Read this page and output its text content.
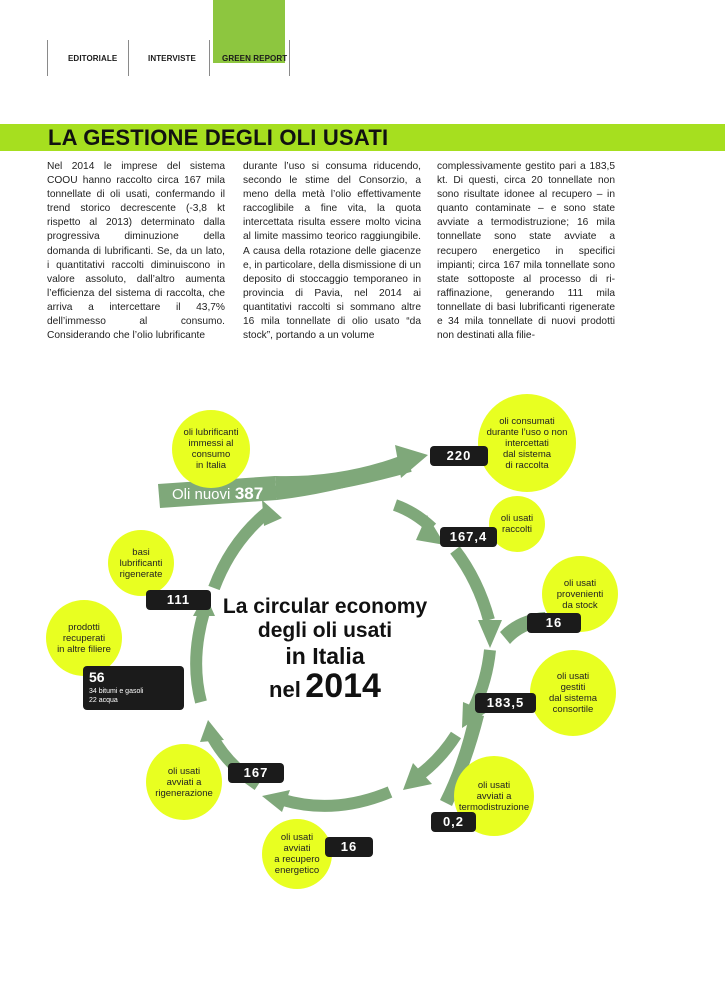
EDITORIALE	INTERVISTE	GREEN REPORT
LA GESTIONE DEGLI OLI USATI

Nel 2014 le imprese del sistema COOU hanno raccolto circa 167 mila tonnellate di oli usati, confermando il trend storico decrescente (-3,8 kt rispetto al 2013) determinato dalla progressiva diminuzione della domanda di lubrificanti. Se, da un lato, i quantitativi raccolti diminuiscono in valore assoluto, dall’altro aumenta l’efficienza del sistema di raccolta, che arriva a intercettare il 43,7% dell’immesso al consumo. Considerando che l’olio lubrificante

durante l’uso si consuma riducendo, secondo le stime del Consorzio, a meno della metà l’olio effettivamente raccoglibile a fine vita, la quota intercettata risulta essere molto vicina al limite massimo teorico raggiungibile. A causa della rotazione delle giacenze e, in particolare, della dismissione di un deposito di stoccaggio temporaneo in provincia di Pavia, nel 2014 ai quantitativi raccolti si sommano altre 16 mila tonnellate di olio usato “da stock”, portando a un volume

complessivamente gestito pari a 183,5 kt. Di questi, circa 20 tonnellate non sono risultate idonee al recupero – in quanto contaminate – e sono state avviate a termodistruzione; 16 mila tonnellate sono state avviate a recupero energetico in specifici impianti; circa 167 mila tonnellate sono state sottoposte al processo di ri-raffinazione, generando 111 mila tonnellate di basi lubrificanti rigenerate e 34 mila tonnellate di nuovi prodotti non destinati alla filie-

La circular economy
degli oli usati
in Italia
nel 2014
Oli nuovi 387
oli lubrificanti
immessi al
consumo
in Italia
oli consumati
durante l’uso o non
intercettati
dal sistema
di raccolta
oli usati
raccolti
oli usati
provenienti
da stock
oli usati
gestiti
dal sistema
consortile
oli usati
avviati a
termodistruzione
oli usati
avviati
a recupero
energetico
oli usati
avviati a
rigenerazione
prodotti
recuperati
in altre filiere
basi
lubrificanti
rigenerate
220
167,4
16
183,5
0,2
16
167
111
56
34 bitumi e gasoli
22 acqua
